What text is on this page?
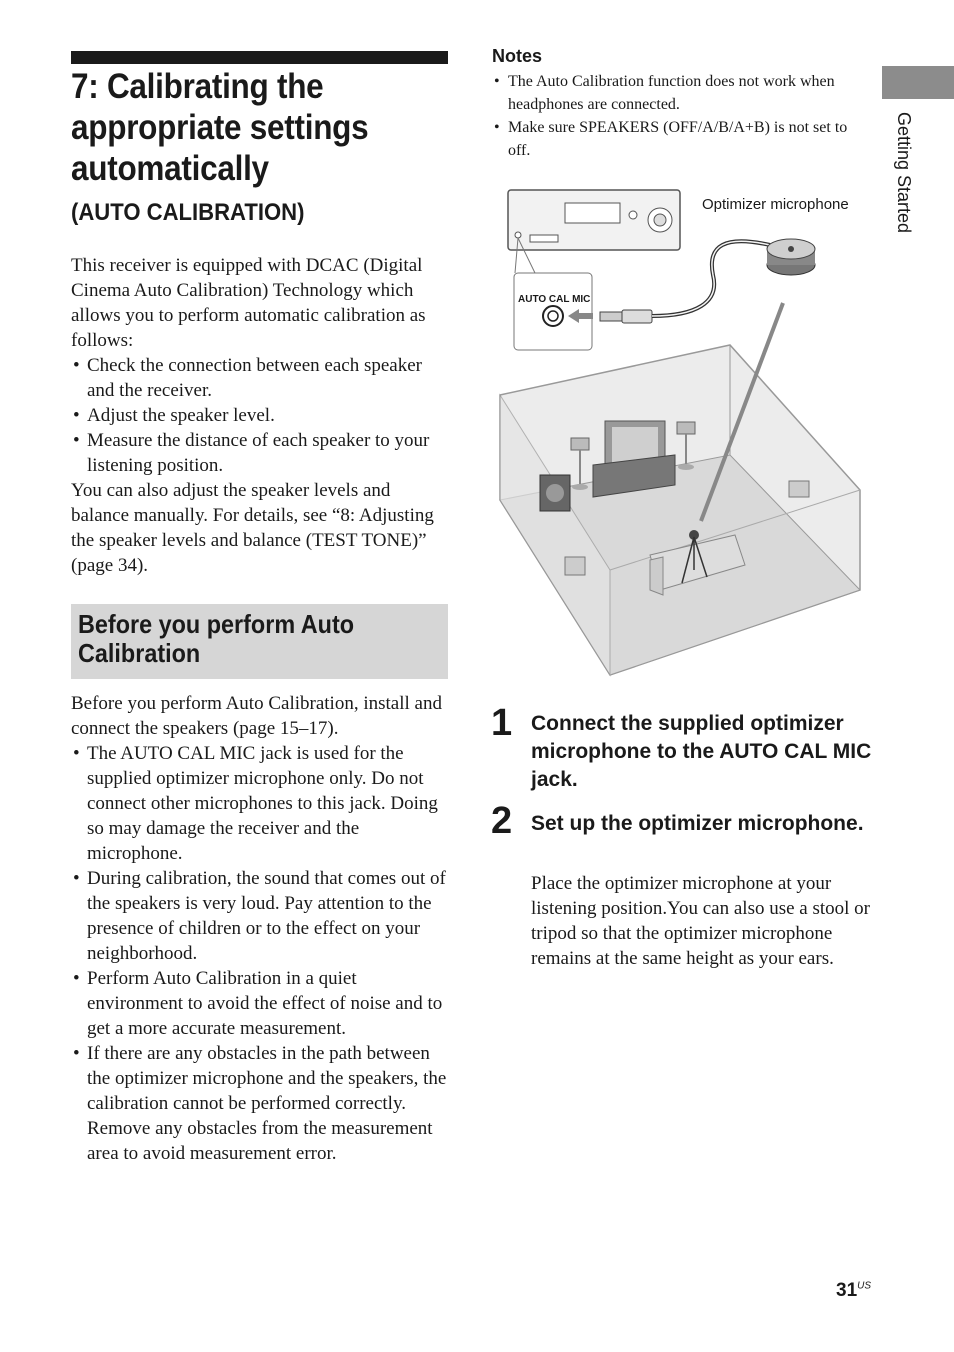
7: Calibrating the
appropriate settings
automatically
(AUTO CALIBRATION)

This receiver is equipped with DCAC (Digital Cinema Auto Calibration) Technology which allows you to perform automatic calibration as follows:

• Check the connection between each speaker and the receiver.
• Adjust the speaker level.
• Measure the distance of each speaker to your listening position.

You can also adjust the speaker levels and balance manually. For details, see “8: Adjusting the speaker levels and balance (TEST TONE)” (page 34).

Before you perform Auto
Calibration

Before you perform Auto Calibration, install and connect the speakers (page 15–17).

• The AUTO CAL MIC jack is used for the supplied optimizer microphone only. Do not connect other microphones to this jack. Doing so may damage the receiver and the microphone.
• During calibration, the sound that comes out of the speakers is very loud. Pay attention to the presence of children or to the effect on your neighborhood.
• Perform Auto Calibration in a quiet environment to avoid the effect of noise and to get a more accurate measurement.
• If there are any obstacles in the path between the optimizer microphone and the speakers, the calibration cannot be performed correctly. Remove any obstacles from the measurement area to avoid measurement error.
Notes
• The Auto Calibration function does not work when headphones are connected.
• Make sure SPEAKERS (OFF/A/B/A+B) is not set to off.	Getting Started
Optimizer microphone
AUTO CAL MIC
1 Connect the supplied optimizer microphone to the AUTO CAL MIC jack.

2 Set up the optimizer microphone.

Place the optimizer microphone at your listening position.You can also use a stool or tripod so that the optimizer microphone remains at the same height as your ears.

$31^{US}$
